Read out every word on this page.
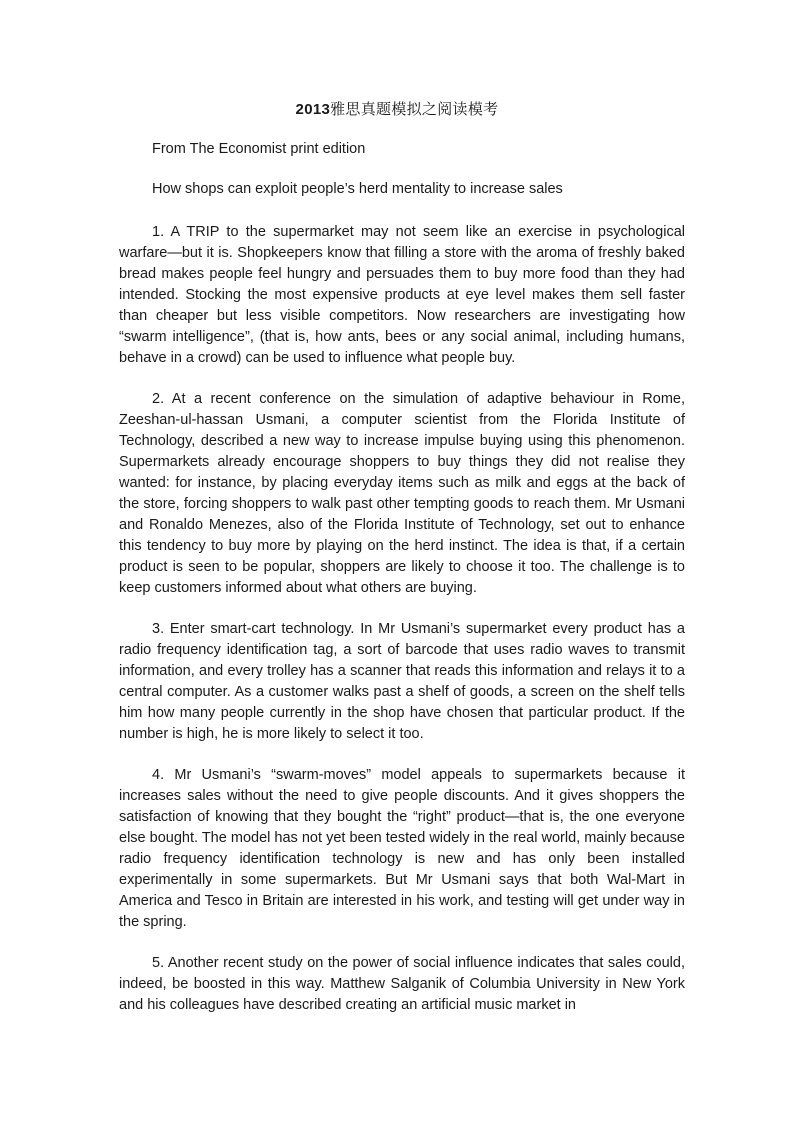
2013雅思真题模拟之阅读模考
From The Economist print edition
How shops can exploit people’s herd mentality to increase sales

1. A TRIP to the supermarket may not seem like an exercise in psychological warfare—but it is. Shopkeepers know that filling a store with the aroma of freshly baked bread makes people feel hungry and persuades them to buy more food than they had intended. Stocking the most expensive products at eye level makes them sell faster than cheaper but less visible competitors. Now researchers are investigating how “swarm intelligence”, (that is, how ants, bees or any social animal, including humans, behave in a crowd) can be used to influence what people buy.

2. At a recent conference on the simulation of adaptive behaviour in Rome, Zeeshan-ul-hassan Usmani, a computer scientist from the Florida Institute of Technology, described a new way to increase impulse buying using this phenomenon. Supermarkets already encourage shoppers to buy things they did not realise they wanted: for instance, by placing everyday items such as milk and eggs at the back of the store, forcing shoppers to walk past other tempting goods to reach them. Mr Usmani and Ronaldo Menezes, also of the Florida Institute of Technology, set out to enhance this tendency to buy more by playing on the herd instinct. The idea is that, if a certain product is seen to be popular, shoppers are likely to choose it too. The challenge is to keep customers informed about what others are buying.

3. Enter smart-cart technology. In Mr Usmani’s supermarket every product has a radio frequency identification tag, a sort of barcode that uses radio waves to transmit information, and every trolley has a scanner that reads this information and relays it to a central computer. As a customer walks past a shelf of goods, a screen on the shelf tells him how many people currently in the shop have chosen that particular product. If the number is high, he is more likely to select it too.

4. Mr Usmani’s “swarm-moves” model appeals to supermarkets because it increases sales without the need to give people discounts. And it gives shoppers the satisfaction of knowing that they bought the “right” product—that is, the one everyone else bought. The model has not yet been tested widely in the real world, mainly because radio frequency identification technology is new and has only been installed experimentally in some supermarkets. But Mr Usmani says that both Wal-Mart in America and Tesco in Britain are interested in his work, and testing will get under way in the spring.

5. Another recent study on the power of social influence indicates that sales could, indeed, be boosted in this way. Matthew Salganik of Columbia University in New York and his colleagues have described creating an artificial music market in
